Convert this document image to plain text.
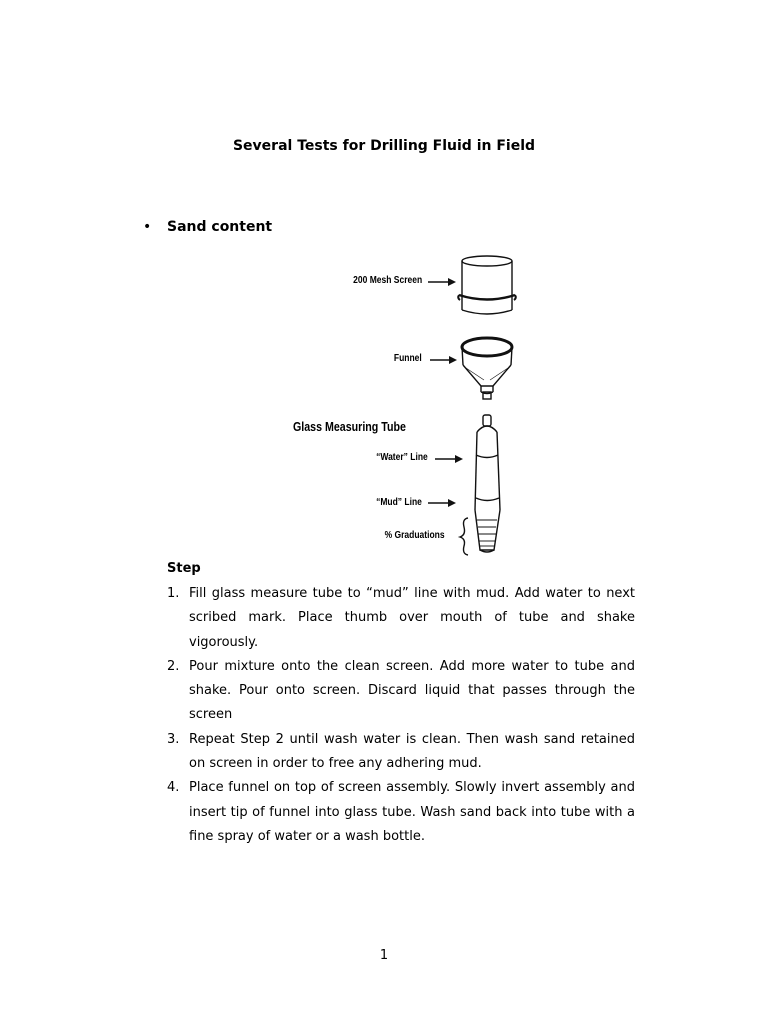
Several Tests for Drilling Fluid in Field
• Sand content
200 Mesh Screen
Funnel
Glass Measuring Tube
“Water” Line
“Mud” Line
% Graduations
Step
1. Fill glass measure tube to “mud” line with mud. Add water to next scribed mark. Place thumb over mouth of tube and shake vigorously.
2. Pour mixture onto the clean screen. Add more water to tube and shake. Pour onto screen. Discard liquid that passes through the screen
3. Repeat Step 2 until wash water is clean. Then wash sand retained on screen in order to free any adhering mud.
4. Place funnel on top of screen assembly. Slowly invert assembly and insert tip of funnel into glass tube. Wash sand back into tube with a fine spray of water or a wash bottle.
1
